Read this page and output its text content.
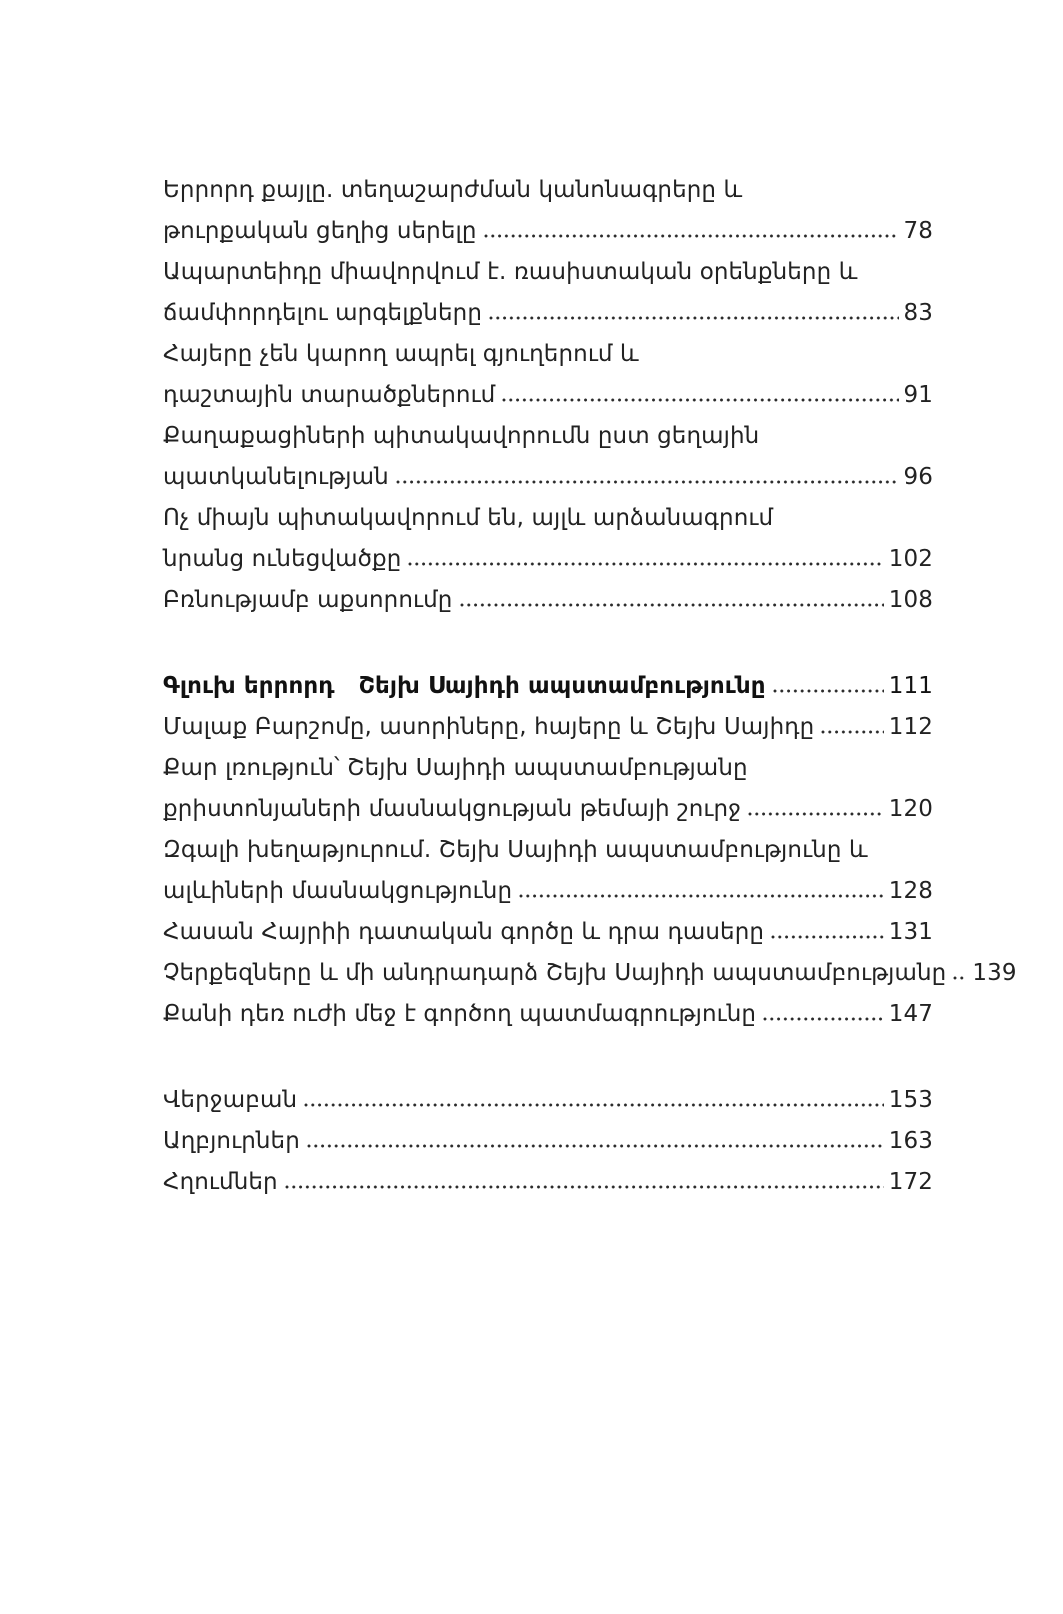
Երրորդ քայլը. տեղաշարժման կանոնագրերը և
թուրքական ցեղից սերելը	78
Ապարտեիդը միավորվում է. ռասիստական օրենքները և
ճամփորդելու արգելքները	83
Հայերը չեն կարող ապրել գյուղերում և
դաշտային տարածքներում	91
Քաղաքացիների պիտակավորումն ըստ ցեղային
պատկանելության	96
Ոչ միայն պիտակավորում են, այլև արձանագրում
նրանց ունեցվածքը	102
Բռնությամբ աքսորումը	108
Գլուխ երրորդ Շեյխ Սայիդի ապստամբությունը	111
Մալաք Բարշոմը, ասորիները, հայերը և Շեյխ Սայիդը	112
Քար լռություն՝ Շեյխ Սայիդի ապստամբությանը
քրիստոնյաների մասնակցության թեմայի շուրջ	120
Զգալի խեղաթյուրում. Շեյխ Սայիդի ապստամբությունը և
ալևիների մասնակցությունը	128
Հասան Հայրիի դատական գործը և դրա դասերը	131
Չերքեզները և մի անդրադարձ Շեյխ Սայիդի ապստամբությանը 139
Քանի դեռ ուժի մեջ է գործող պատմագրությունը	147
Վերջաբան	153
Աղբյուրներ	163
Հղումներ	172
